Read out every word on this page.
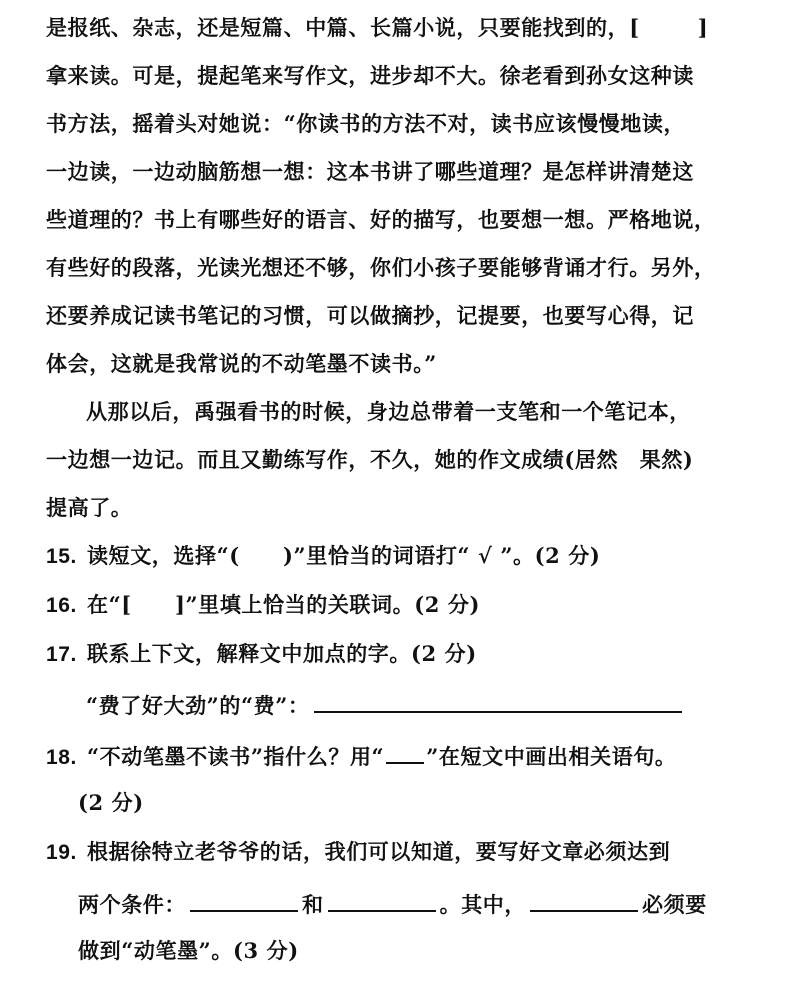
是报纸、杂志，还是短篇、中篇、长篇小说，只要能找到的，[	]
拿来读。可是，提起笔来写作文，进步却不大。徐老看到孙女这种读
书方法，摇着头对她说：“你读书的方法不对，读书应该慢慢地读，
一边读，一边动脑筋想一想：这本书讲了哪些道理？是怎样讲清楚这
些道理的？书上有哪些好的语言、好的描写，也要想一想。严格地说，
有些好的段落，光读光想还不够，你们小孩子要能够背诵才行。另外，
还要养成记读书笔记的习惯，可以做摘抄，记提要，也要写心得，记
体会，这就是我常说的不动笔墨不读书。”
从那以后，禹强看书的时候，身边总带着一支笔和一个笔记本，
一边想一边记。而且又勤练写作，不久，她的作文成绩(居然　果然)
提高了。
15. 读短文，选择“(　　)”里恰当的词语打“ √ ”。(2 分)
16. 在“[　　]”里填上恰当的关联词。(2 分)
17. 联系上下文，解释文中加点的字。(2 分)
“费了好大劲”的“费”：
18. “不动笔墨不读书”指什么？用“ ”在短文中画出相关语句。
(2 分)
19. 根据徐特立老爷爷的话，我们可以知道，要写好文章必须达到
两个条件：	和	。其中，	必须要
做到“动笔墨”。(3 分)
